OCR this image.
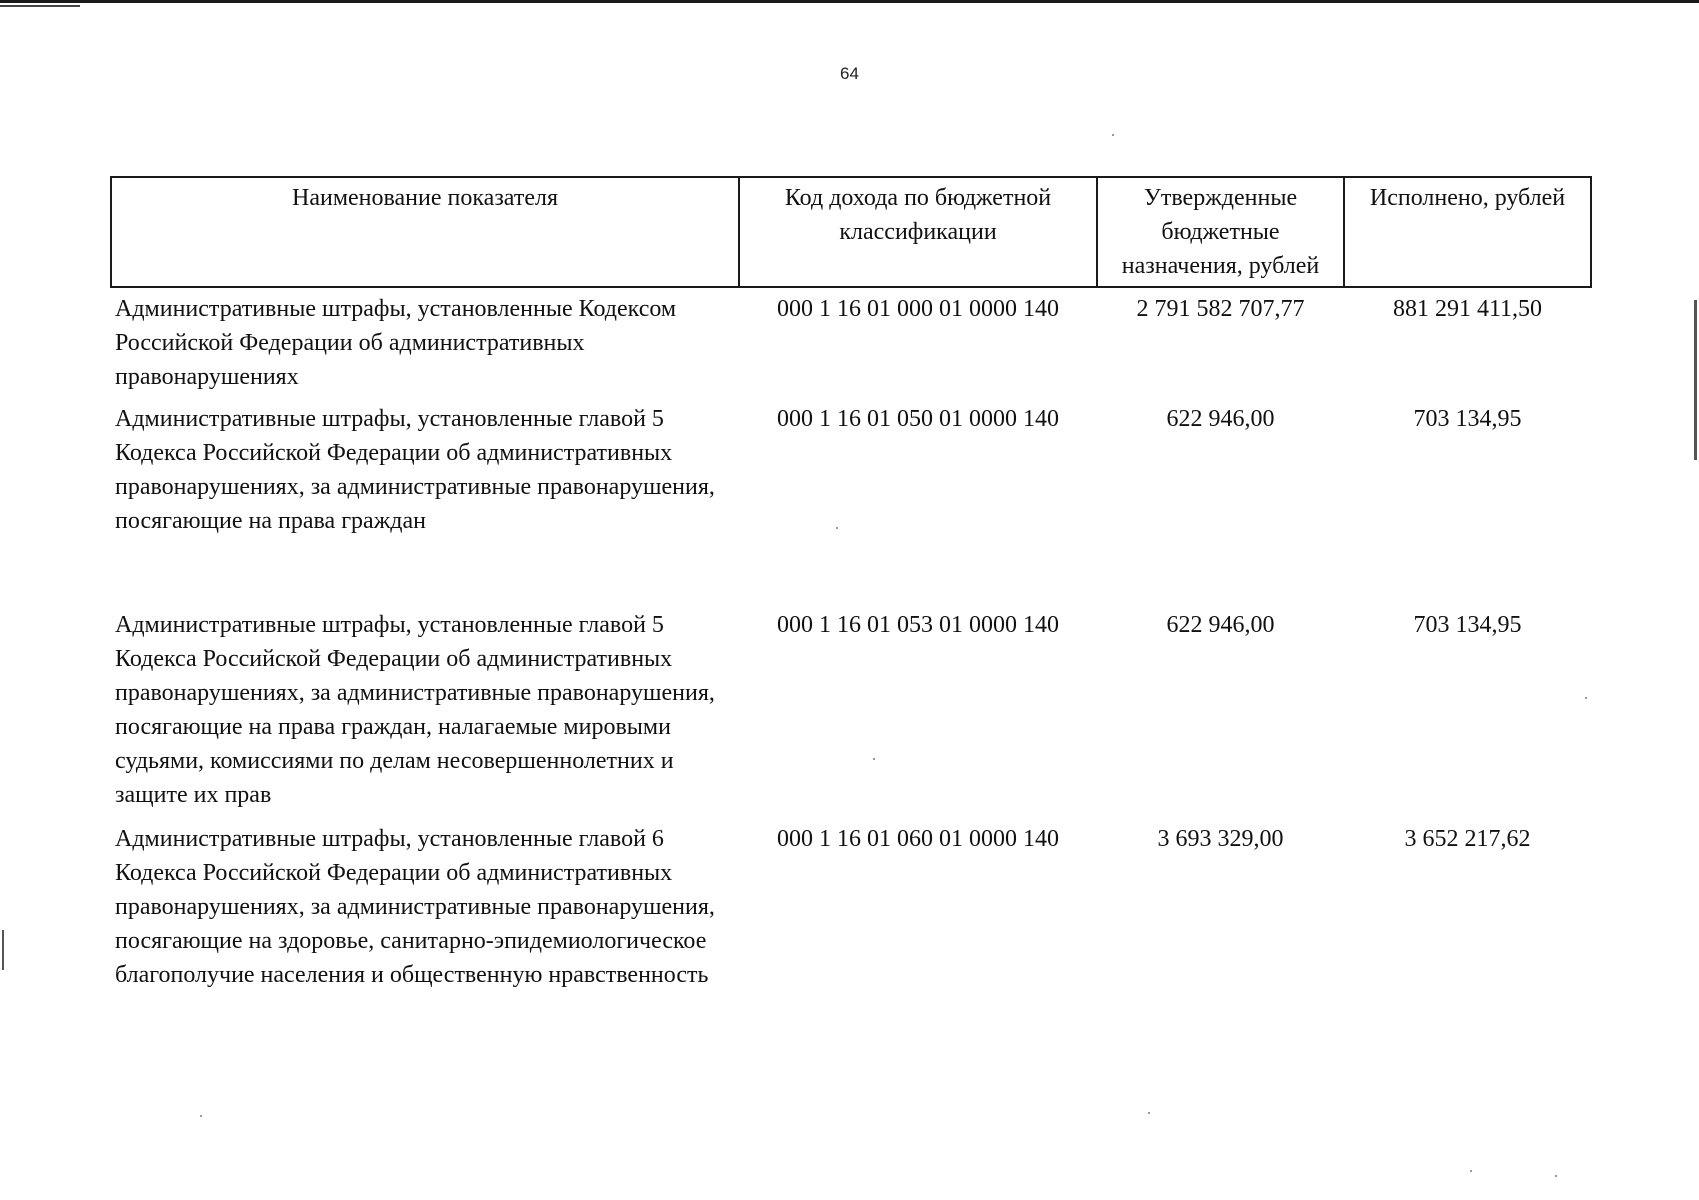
64
Наименование показателя	Код дохода по бюджетной классификации	Утвержденные бюджетные назначения, рублей	Исполнено, рублей
Административные штрафы, установленные Кодексом Российской Федерации об административных правонарушениях	000 1 16 01 000 01 0000 140	2 791 582 707,77	881 291 411,50
Административные штрафы, установленные главой 5 Кодекса Российской Федерации об административных правонарушениях, за административные правонарушения, посягающие на права граждан	000 1 16 01 050 01 0000 140	622 946,00	703 134,95
Административные штрафы, установленные главой 5 Кодекса Российской Федерации об административных правонарушениях, за административные правонарушения, посягающие на права граждан, налагаемые мировыми судьями, комиссиями по делам несовершеннолетних и защите их прав	000 1 16 01 053 01 0000 140	622 946,00	703 134,95
Административные штрафы, установленные главой 6 Кодекса Российской Федерации об административных правонарушениях, за административные правонарушения, посягающие на здоровье, санитарно-эпидемиологическое благополучие населения и общественную нравственность	000 1 16 01 060 01 0000 140	3 693 329,00	3 652 217,62
